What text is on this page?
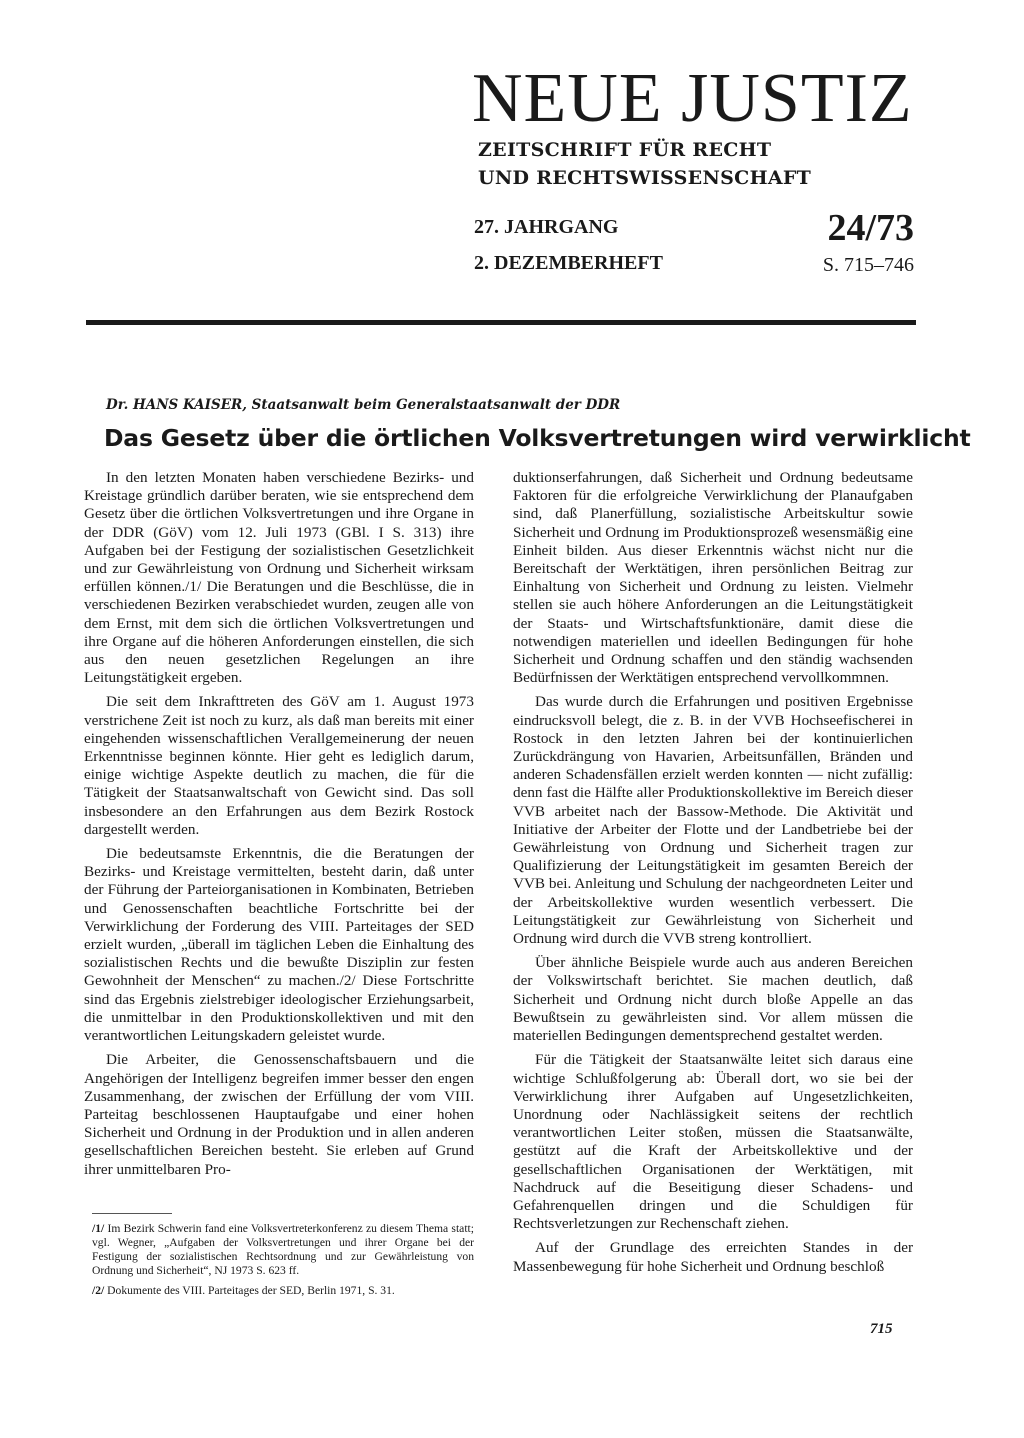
NEUE JUSTIZ
ZEITSCHRIFT FÜR RECHT
UND RECHTSWISSENSCHAFT
27. JAHRGANG	24/73
2. DEZEMBERHEFT	S. 715–746
Dr. HANS KAISER, Staatsanwalt beim Generalstaatsanwalt der DDR
Das Gesetz über die örtlichen Volksvertretungen wird verwirklicht

In den letzten Monaten haben verschiedene Bezirks- und Kreistage gründlich darüber beraten, wie sie entsprechend dem Gesetz über die örtlichen Volksvertretungen und ihre Organe in der DDR (GöV) vom 12. Juli 1973 (GBl. I S. 313) ihre Aufgaben bei der Festigung der sozialistischen Gesetzlichkeit und zur Gewährleistung von Ordnung und Sicherheit wirksam erfüllen können./1/ Die Beratungen und die Beschlüsse, die in verschiedenen Bezirken verabschiedet wurden, zeugen alle von dem Ernst, mit dem sich die örtlichen Volksvertretungen und ihre Organe auf die höheren Anforderungen einstellen, die sich aus den neuen gesetzlichen Regelungen an ihre Leitungstätigkeit ergeben.

Die seit dem Inkrafttreten des GöV am 1. August 1973 verstrichene Zeit ist noch zu kurz, als daß man bereits mit einer eingehenden wissenschaftlichen Verallgemeinerung der neuen Erkenntnisse beginnen könnte. Hier geht es lediglich darum, einige wichtige Aspekte deutlich zu machen, die für die Tätigkeit der Staatsanwaltschaft von Gewicht sind. Das soll insbesondere an den Erfahrungen aus dem Bezirk Rostock dargestellt werden.

Die bedeutsamste Erkenntnis, die die Beratungen der Bezirks- und Kreistage vermittelten, besteht darin, daß unter der Führung der Parteiorganisationen in Kombinaten, Betrieben und Genossenschaften beachtliche Fortschritte bei der Verwirklichung der Forderung des VIII. Parteitages der SED erzielt wurden, „überall im täglichen Leben die Einhaltung des sozialistischen Rechts und die bewußte Disziplin zur festen Gewohnheit der Menschen“ zu machen./2/ Diese Fortschritte sind das Ergebnis zielstrebiger ideologischer Erziehungsarbeit, die unmittelbar in den Produktionskollektiven und mit den verantwortlichen Leitungskadern geleistet wurde.

Die Arbeiter, die Genossenschaftsbauern und die Angehörigen der Intelligenz begreifen immer besser den engen Zusammenhang, der zwischen der Erfüllung der vom VIII. Parteitag beschlossenen Hauptaufgabe und einer hohen Sicherheit und Ordnung in der Produktion und in allen anderen gesellschaftlichen Bereichen besteht. Sie erleben auf Grund ihrer unmittelbaren Pro-

duktionserfahrungen, daß Sicherheit und Ordnung bedeutsame Faktoren für die erfolgreiche Verwirklichung der Planaufgaben sind, daß Planerfüllung, sozialistische Arbeitskultur sowie Sicherheit und Ordnung im Produktionsprozeß wesensmäßig eine Einheit bilden. Aus dieser Erkenntnis wächst nicht nur die Bereitschaft der Werktätigen, ihren persönlichen Beitrag zur Einhaltung von Sicherheit und Ordnung zu leisten. Vielmehr stellen sie auch höhere Anforderungen an die Leitungstätigkeit der Staats- und Wirtschaftsfunktionäre, damit diese die notwendigen materiellen und ideellen Bedingungen für hohe Sicherheit und Ordnung schaffen und den ständig wachsenden Bedürfnissen der Werktätigen entsprechend vervollkommnen.

Das wurde durch die Erfahrungen und positiven Ergebnisse eindrucksvoll belegt, die z. B. in der VVB Hochseefischerei in Rostock in den letzten Jahren bei der kontinuierlichen Zurückdrängung von Havarien, Arbeitsunfällen, Bränden und anderen Schadensfällen erzielt werden konnten — nicht zufällig: denn fast die Hälfte aller Produktionskollektive im Bereich dieser VVB arbeitet nach der Bassow-Methode. Die Aktivität und Initiative der Arbeiter der Flotte und der Landbetriebe bei der Gewährleistung von Ordnung und Sicherheit tragen zur Qualifizierung der Leitungstätigkeit im gesamten Bereich der VVB bei. Anleitung und Schulung der nachgeordneten Leiter und der Arbeitskollektive wurden wesentlich verbessert. Die Leitungstätigkeit zur Gewährleistung von Sicherheit und Ordnung wird durch die VVB streng kontrolliert.

Über ähnliche Beispiele wurde auch aus anderen Bereichen der Volkswirtschaft berichtet. Sie machen deutlich, daß Sicherheit und Ordnung nicht durch bloße Appelle an das Bewußtsein zu gewährleisten sind. Vor allem müssen die materiellen Bedingungen dementsprechend gestaltet werden.

Für die Tätigkeit der Staatsanwälte leitet sich daraus eine wichtige Schlußfolgerung ab: Überall dort, wo sie bei der Verwirklichung ihrer Aufgaben auf Ungesetzlichkeiten, Unordnung oder Nachlässigkeit seitens der rechtlich verantwortlichen Leiter stoßen, müssen die Staatsanwälte, gestützt auf die Kraft der Arbeitskollektive und der gesellschaftlichen Organisationen der Werktätigen, mit Nachdruck auf die Beseitigung dieser Schadens- und Gefahrenquellen dringen und die Schuldigen für Rechtsverletzungen zur Rechenschaft ziehen.

Auf der Grundlage des erreichten Standes in der Massenbewegung für hohe Sicherheit und Ordnung beschloß

/1/ Im Bezirk Schwerin fand eine Volksvertreterkonferenz zu diesem Thema statt; vgl. Wegner, „Aufgaben der Volksvertretungen und ihrer Organe bei der Festigung der sozialistischen Rechtsordnung und zur Gewährleistung von Ordnung und Sicherheit“, NJ 1973 S. 623 ff.

/2/ Dokumente des VIII. Parteitages der SED, Berlin 1971, S. 31.

715
